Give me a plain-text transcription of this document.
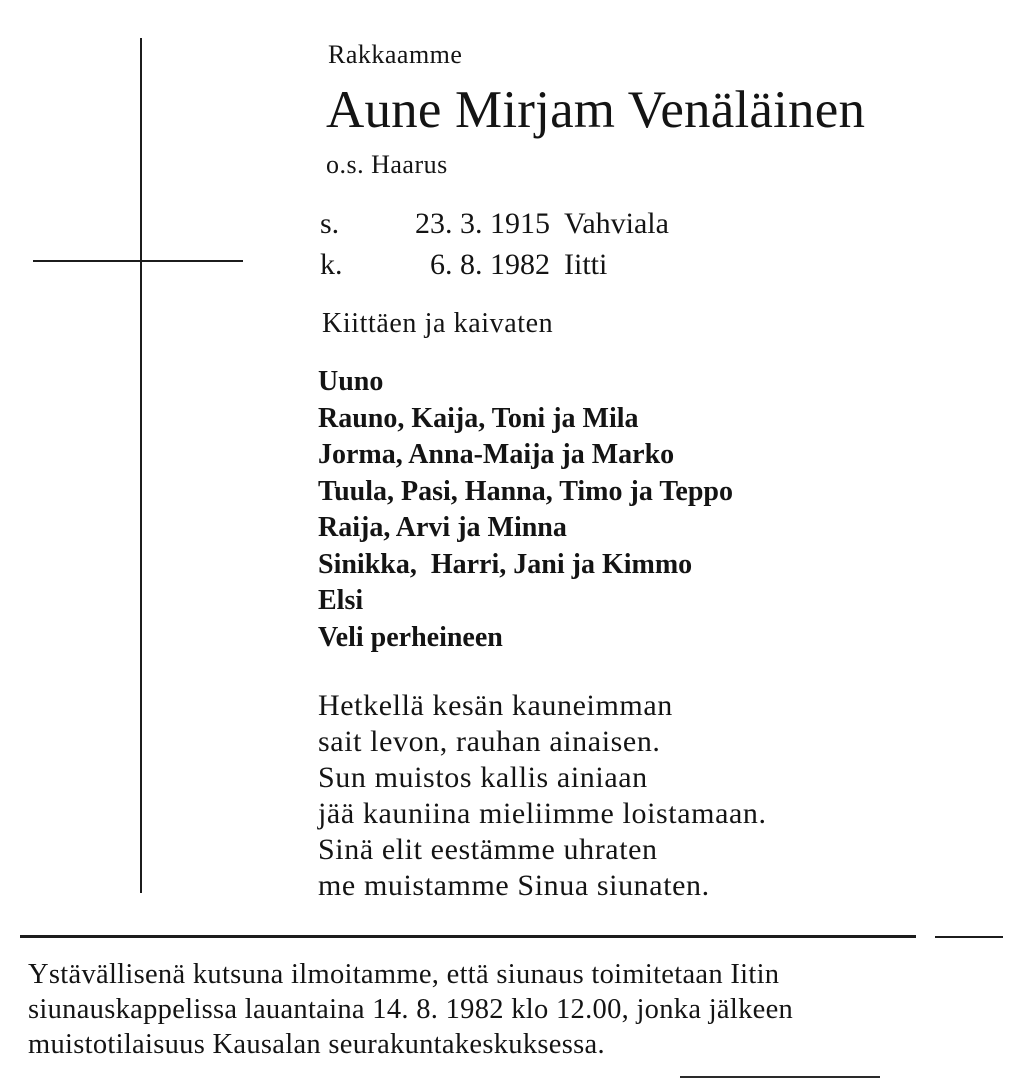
Rakkaamme
Aune Mirjam Venäläinen
o.s. Haarus
s.	23. 3. 1915 Vahviala
k.	6. 8. 1982 Iitti
Kiittäen ja kaivaten
Uuno
Rauno, Kaija, Toni ja Mila
Jorma, Anna-Maija ja Marko
Tuula, Pasi, Hanna, Timo ja Teppo
Raija, Arvi ja Minna
Sinikka,  Harri, Jani ja Kimmo
Elsi
Veli perheineen
Hetkellä kesän kauneimman
sait levon, rauhan ainaisen.
Sun muistos kallis ainiaan
jää kauniina mieliimme loistamaan.
Sinä elit eestämme uhraten
me muistamme Sinua siunaten.
Ystävällisenä kutsuna ilmoitamme, että siunaus toimitetaan Iitin
siunauskappelissa lauantaina 14. 8. 1982 klo 12.00, jonka jälkeen
muistotilaisuus Kausalan seurakuntakeskuksessa.
